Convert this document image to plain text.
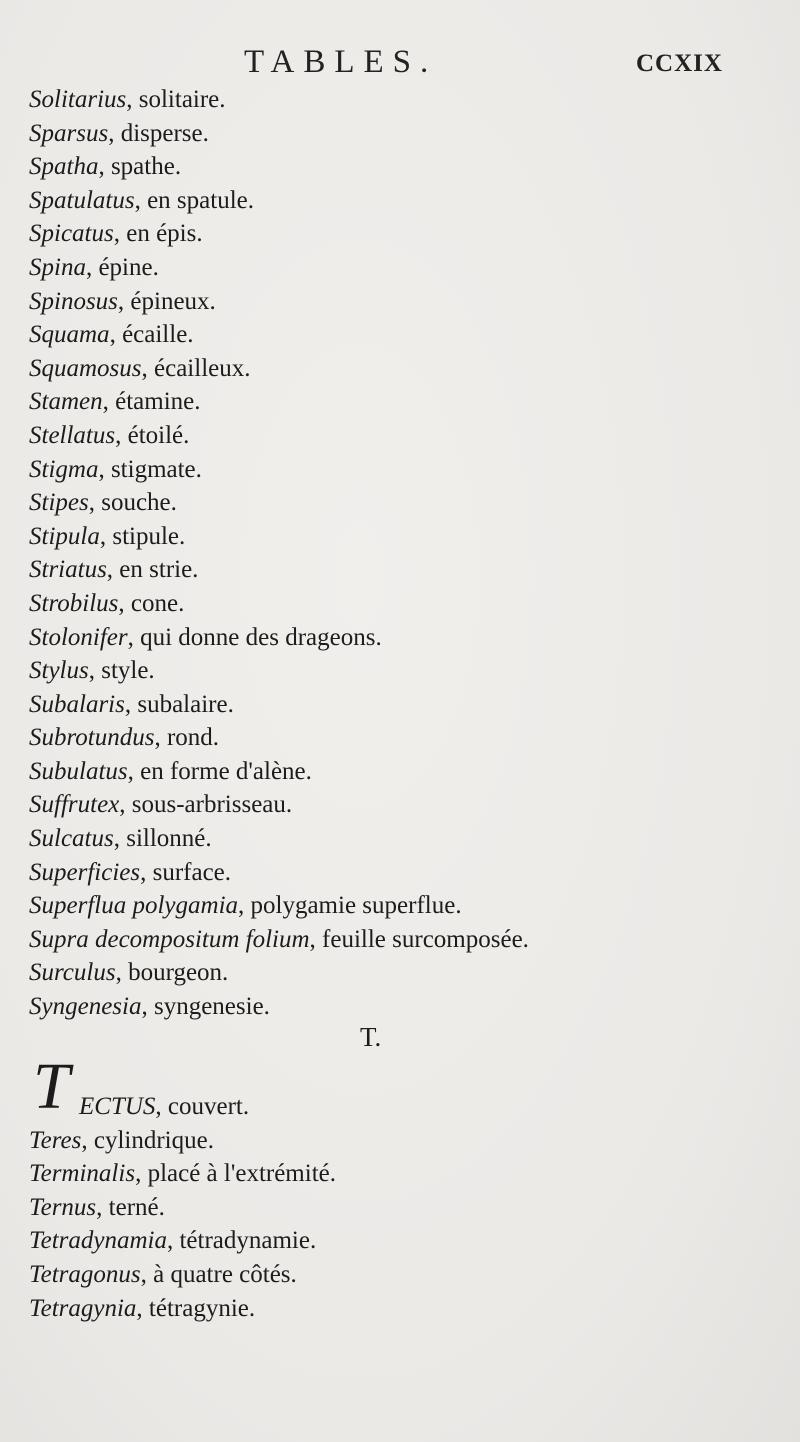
TABLES.	CCXIX
Solitarius, solitaire.
Sparsus, disperse.
Spatha, spathe.
Spatulatus, en spatule.
Spicatus, en épis.
Spina, épine.
Spinosus, épineux.
Squama, écaille.
Squamosus, écailleux.
Stamen, étamine.
Stellatus, étoilé.
Stigma, stigmate.
Stipes, souche.
Stipula, stipule.
Striatus, en strie.
Strobilus, cone.
Stolonifer, qui donne des drageons.
Stylus, style.
Subalaris, subalaire.
Subrotundus, rond.
Subulatus, en forme d'alène.
Suffrutex, sous-arbrisseau.
Sulcatus, sillonné.
Superficies, surface.
Superflua polygamia, polygamie superflue.
Supra decompositum folium, feuille surcomposée.
Surculus, bourgeon.
Syngenesia, syngenesie.
T.
T ECTUS, couvert.
Teres, cylindrique.
Terminalis, placé à l'extrémité.
Ternus, terné.
Tetradynamia, tétradynamie.
Tetragonus, à quatre côtés.
Tetragynia, tétragynie.
